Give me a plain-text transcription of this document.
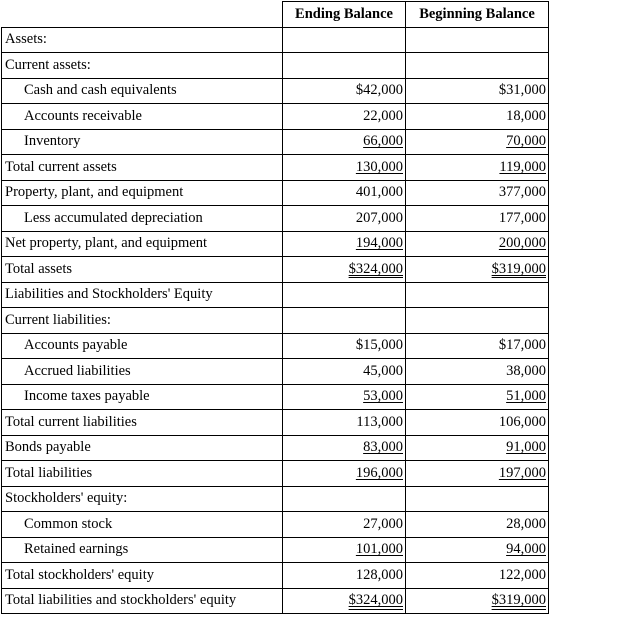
	Ending Balance	Beginning Balance
Assets:		
Current assets:		
Cash and cash equivalents	$42,000	$31,000
Accounts receivable	22,000	18,000
Inventory	66,000	70,000
Total current assets	130,000	119,000
Property, plant, and equipment	401,000	377,000
Less accumulated depreciation	207,000	177,000
Net property, plant, and equipment	194,000	200,000
Total assets	$324,000	$319,000
Liabilities and Stockholders' Equity		
Current liabilities:		
Accounts payable	$15,000	$17,000
Accrued liabilities	45,000	38,000
Income taxes payable	53,000	51,000
Total current liabilities	113,000	106,000
Bonds payable	83,000	91,000
Total liabilities	196,000	197,000
Stockholders' equity:		
Common stock	27,000	28,000
Retained earnings	101,000	94,000
Total stockholders' equity	128,000	122,000
Total liabilities and stockholders' equity	$324,000	$319,000
